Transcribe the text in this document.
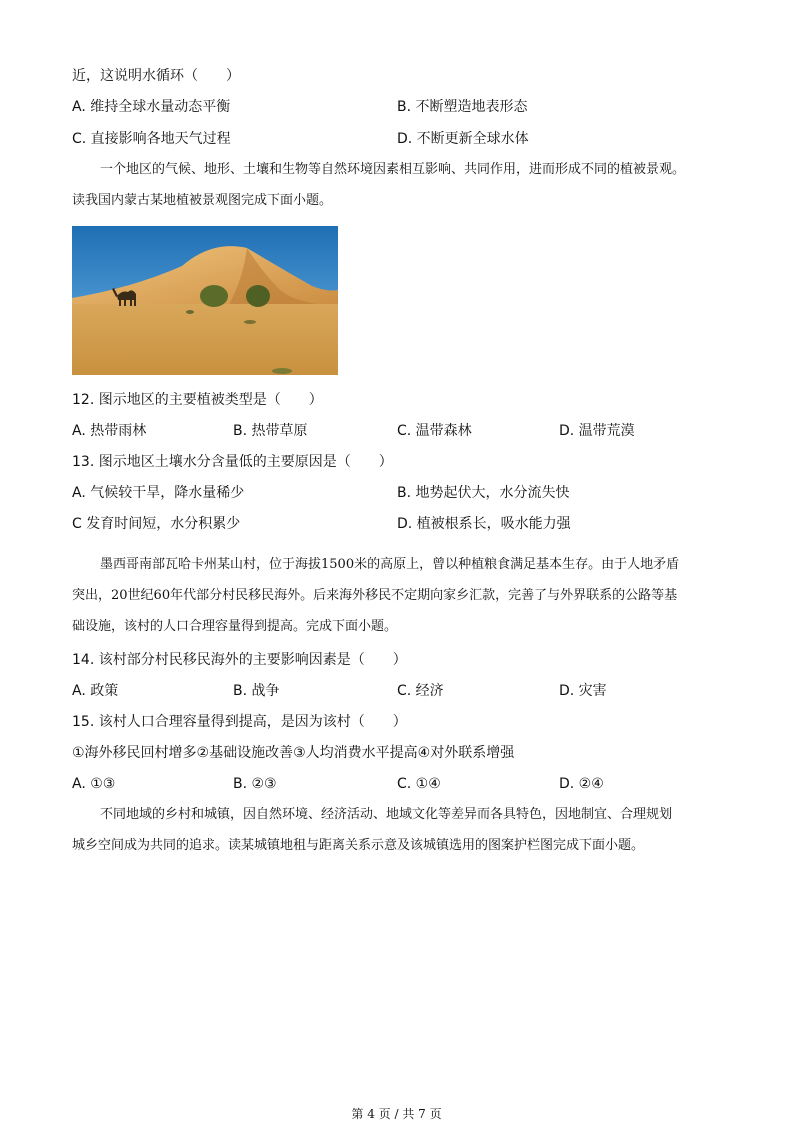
近，这说明水循环（　　）
A. 维持全球水量动态平衡	B. 不断塑造地表形态
C. 直接影响各地天气过程	D. 不断更新全球水体
一个地区的气候、地形、土壤和生物等自然环境因素相互影响、共同作用，进而形成不同的植被景观。
读我国内蒙古某地植被景观图完成下面小题。
12. 图示地区的主要植被类型是（　　）
A. 热带雨林	B. 热带草原	C. 温带森林	D. 温带荒漠
13. 图示地区土壤水分含量低的主要原因是（　　）
A. 气候较干旱，降水量稀少	B. 地势起伏大，水分流失快
C 发育时间短，水分积累少	D. 植被根系长，吸水能力强
墨西哥南部瓦哈卡州某山村，位于海拔1500米的高原上，曾以种植粮食满足基本生存。由于人地矛盾
突出，20世纪60年代部分村民移民海外。后来海外移民不定期向家乡汇款，完善了与外界联系的公路等基
础设施，该村的人口合理容量得到提高。完成下面小题。
14. 该村部分村民移民海外的主要影响因素是（　　）
A. 政策	B. 战争	C. 经济	D. 灾害
15. 该村人口合理容量得到提高，是因为该村（　　）
①海外移民回村增多②基础设施改善③人均消费水平提高④对外联系增强
A. ①③	B. ②③	C. ①④	D. ②④
不同地域的乡村和城镇，因自然环境、经济活动、地域文化等差异而各具特色，因地制宜、合理规划
城乡空间成为共同的追求。读某城镇地租与距离关系示意及该城镇选用的图案护栏图完成下面小题。
第 4 页 / 共 7 页
